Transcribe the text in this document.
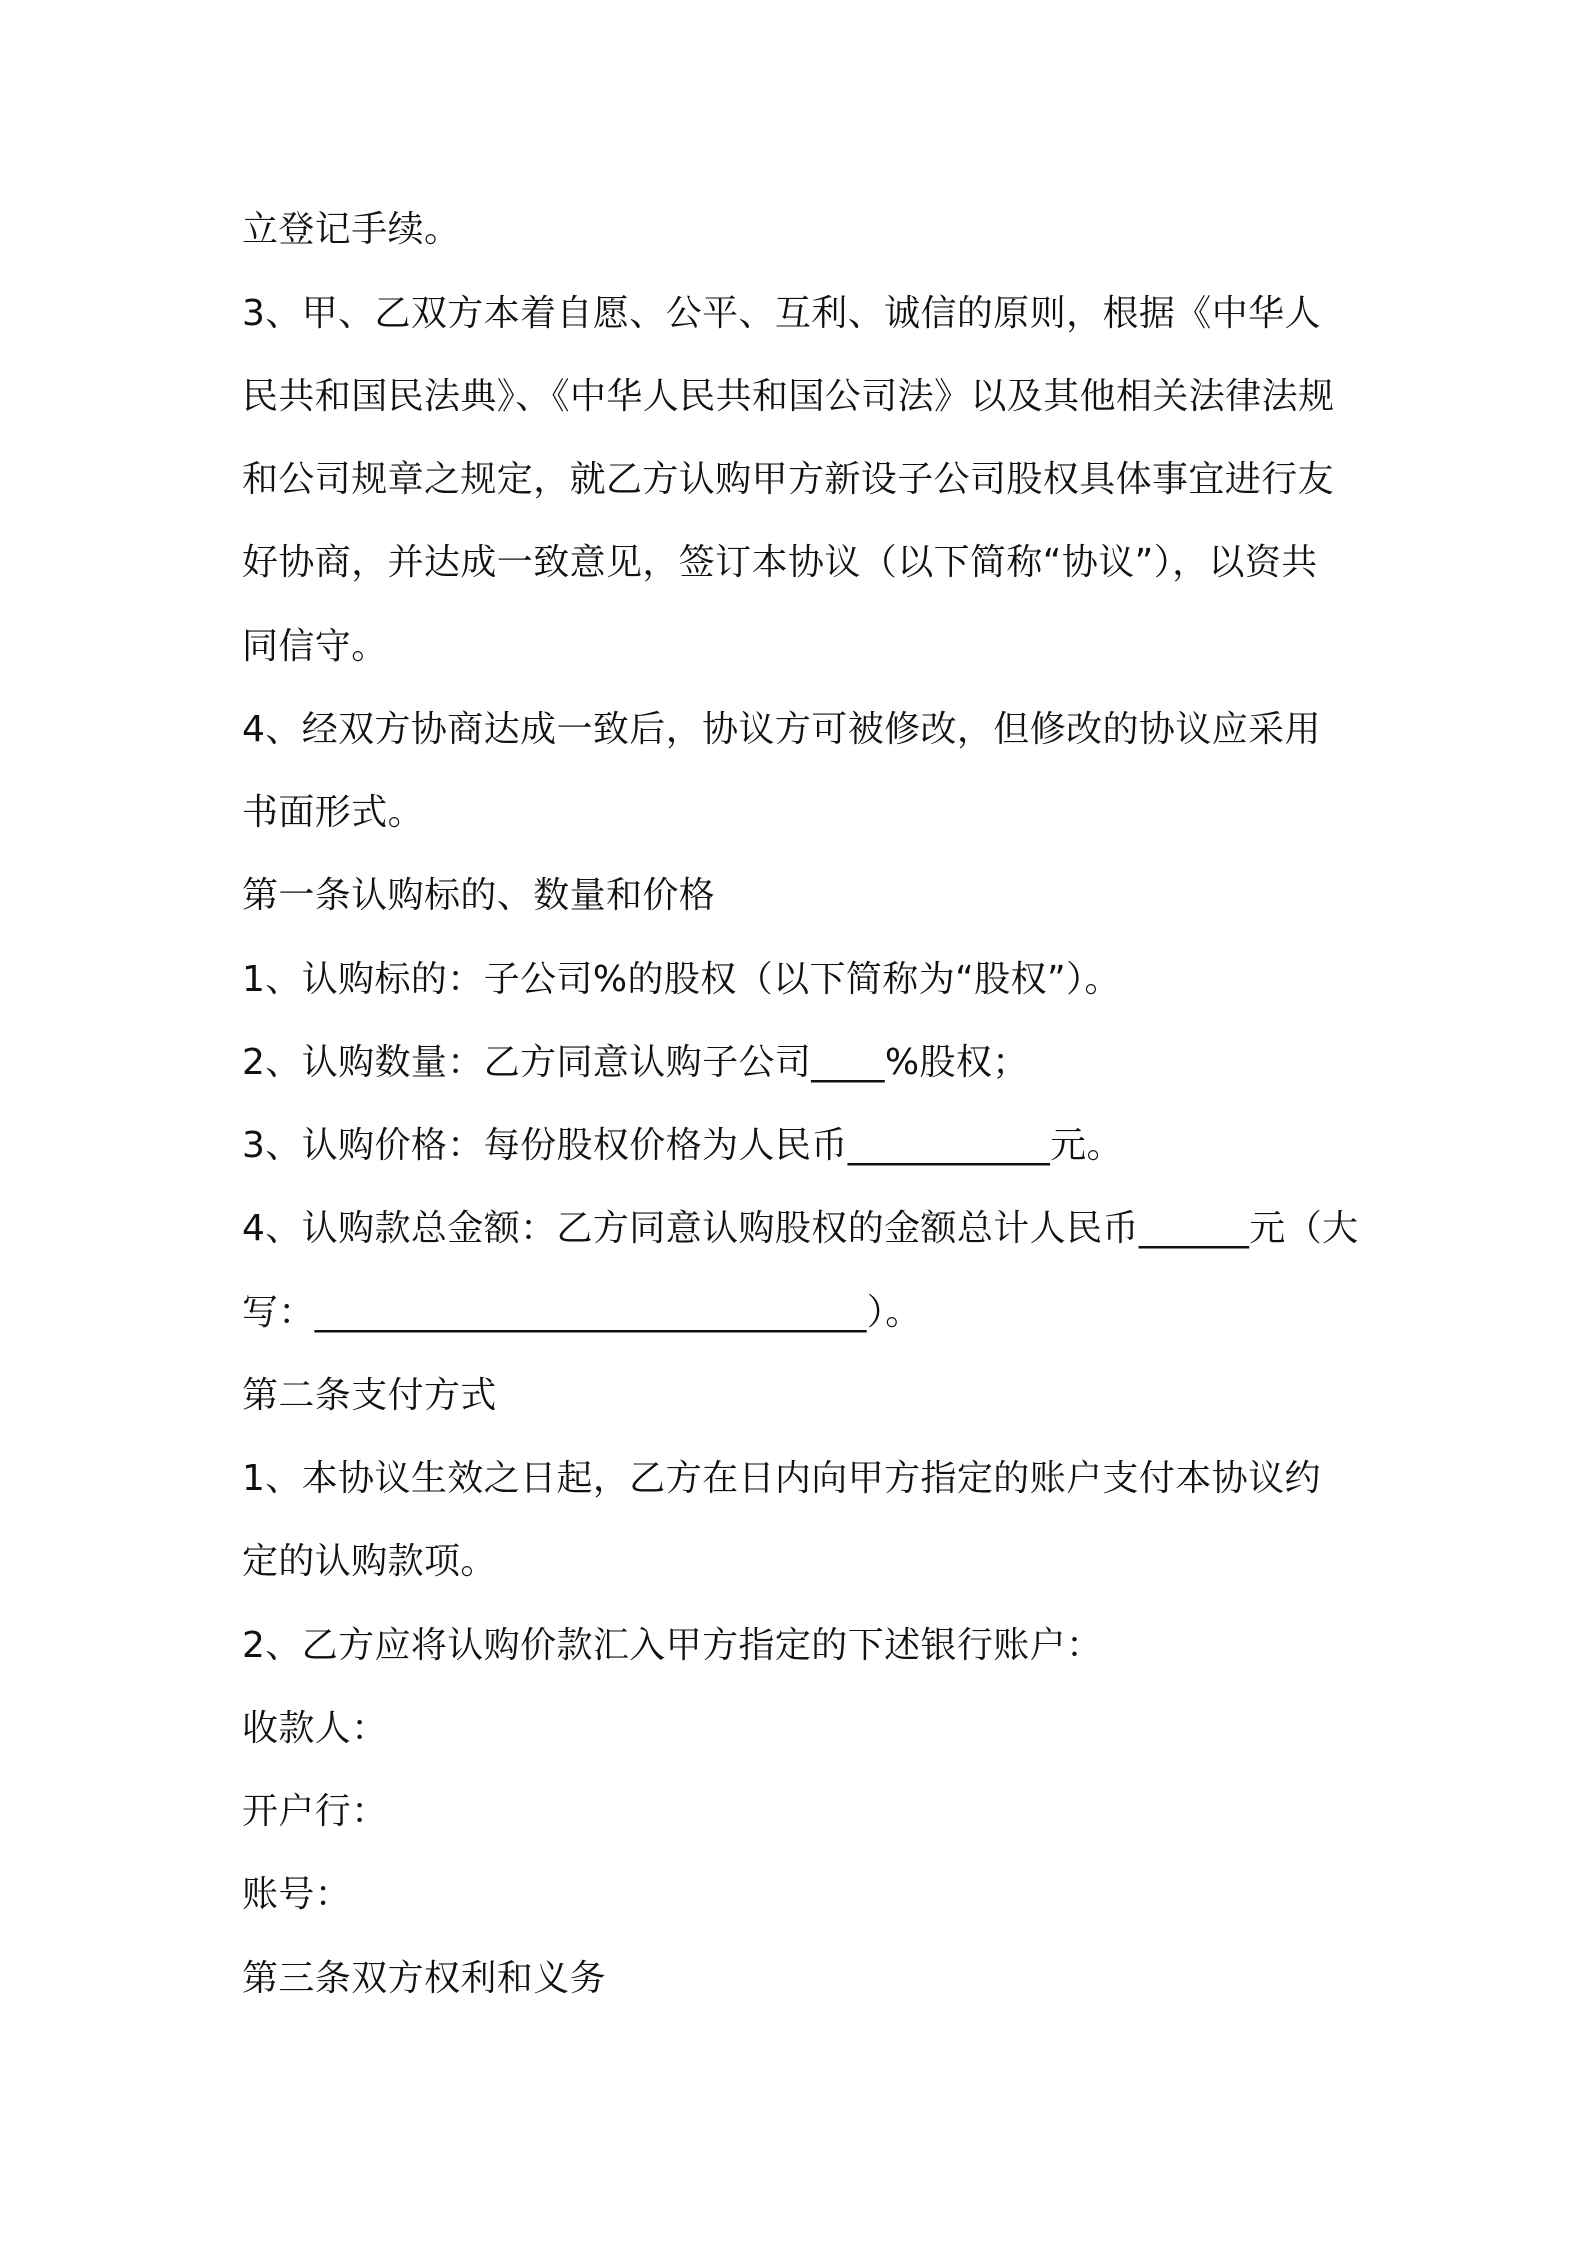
立登记手续。
3、甲、乙双方本着自愿、公平、互利、诚信的原则，根据《中华人
民共和国民法典》、《中华人民共和国公司法》以及其他相关法律法规
和公司规章之规定，就乙方认购甲方新设子公司股权具体事宜进行友
好协商，并达成一致意见，签订本协议（以下简称“协议”），以资共
同信守。
4、经双方协商达成一致后，协议方可被修改，但修改的协议应采用
书面形式。
第一条认购标的、数量和价格
1、认购标的：子公司%的股权（以下简称为“股权”）。
2、认购数量：乙方同意认购子公司____%股权；
3、认购价格：每份股权价格为人民币___________元。
4、认购款总金额：乙方同意认购股权的金额总计人民币______元（大
写：______________________________）。
第二条支付方式
1、本协议生效之日起，乙方在日内向甲方指定的账户支付本协议约
定的认购款项。
2、乙方应将认购价款汇入甲方指定的下述银行账户：
收款人：
开户行：
账号：
第三条双方权利和义务
